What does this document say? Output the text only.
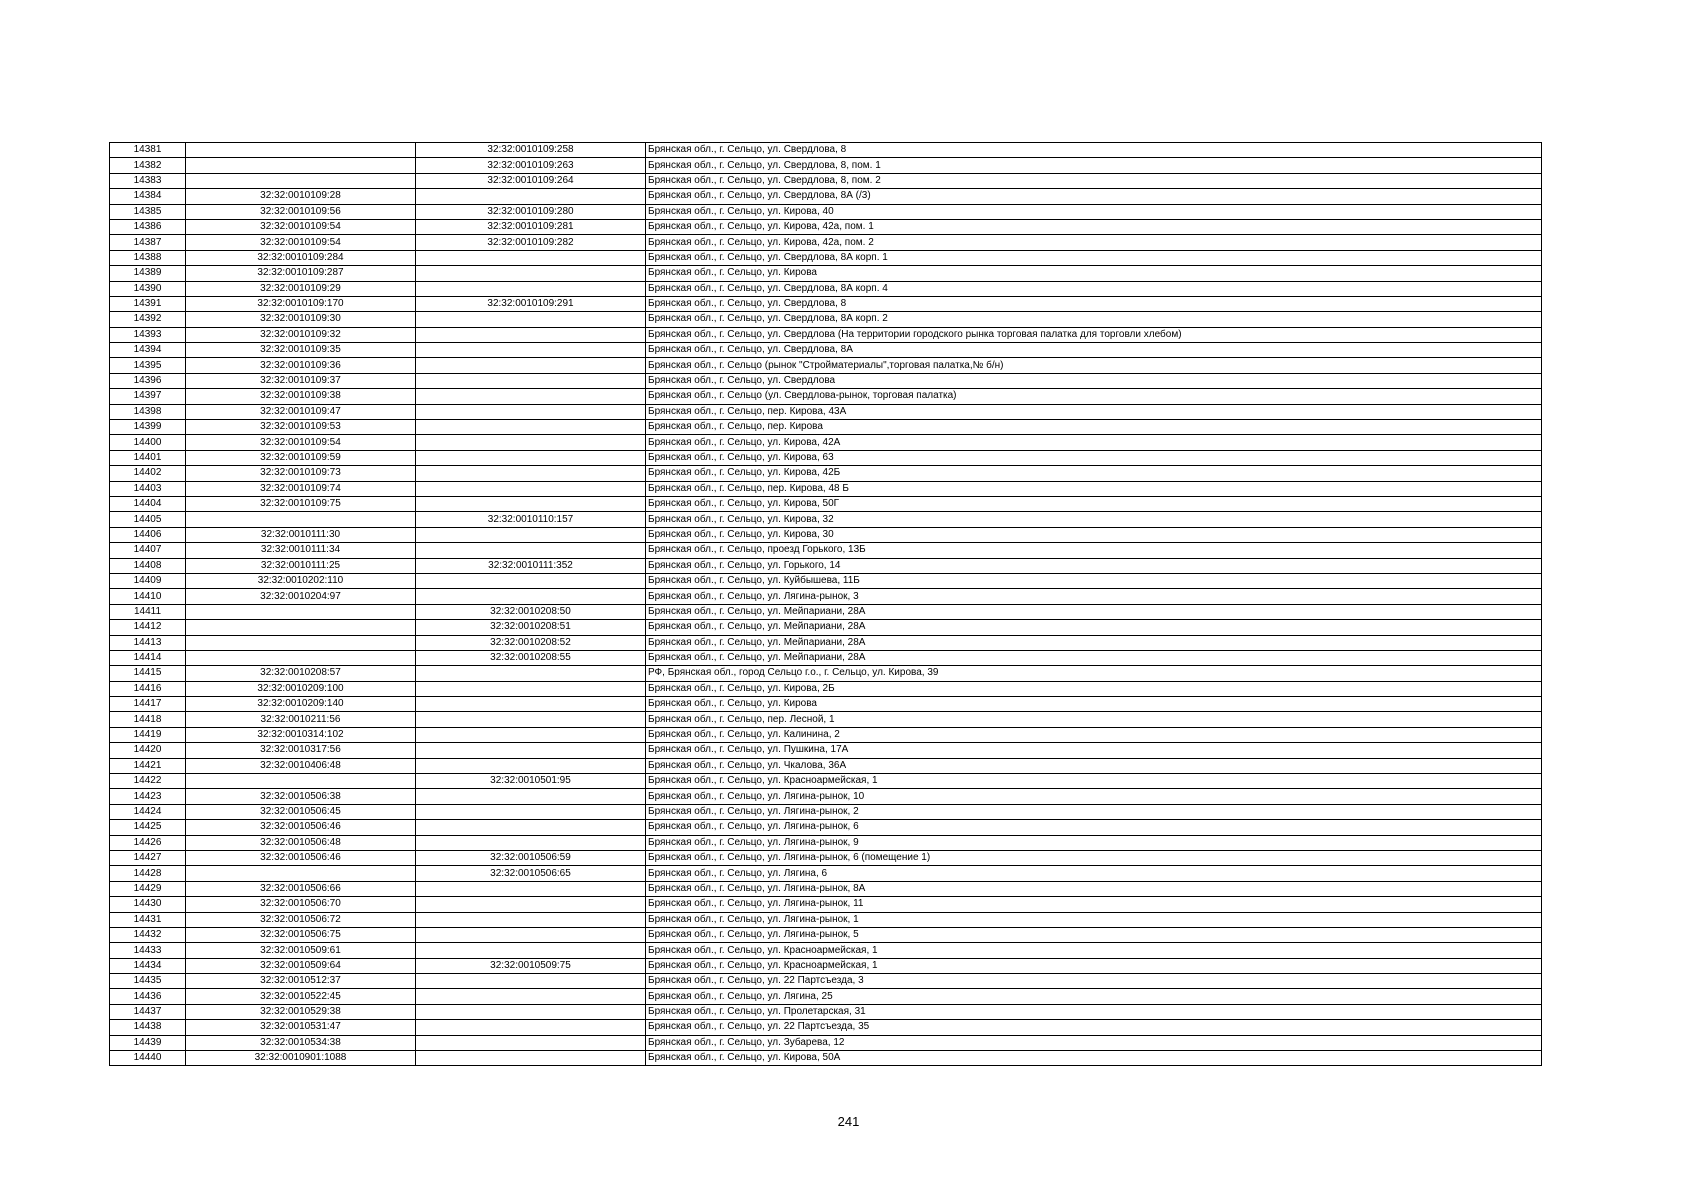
14381		32:32:0010109:258	Брянская обл., г. Сельцо, ул. Свердлова, 8
14382		32:32:0010109:263	Брянская обл., г. Сельцо, ул. Свердлова, 8, пом. 1
14383		32:32:0010109:264	Брянская обл., г. Сельцо, ул. Свердлова, 8, пом. 2
14384	32:32:0010109:28		Брянская обл., г. Сельцо, ул. Свердлова, 8А (/3)
14385	32:32:0010109:56	32:32:0010109:280	Брянская обл., г. Сельцо, ул. Кирова, 40
14386	32:32:0010109:54	32:32:0010109:281	Брянская обл., г. Сельцо, ул. Кирова, 42а, пом. 1
14387	32:32:0010109:54	32:32:0010109:282	Брянская обл., г. Сельцо, ул. Кирова, 42а, пом. 2
14388	32:32:0010109:284		Брянская обл., г. Сельцо, ул. Свердлова, 8А корп. 1
14389	32:32:0010109:287		Брянская обл., г. Сельцо, ул. Кирова
14390	32:32:0010109:29		Брянская обл., г. Сельцо, ул. Свердлова, 8А корп. 4
14391	32:32:0010109:170	32:32:0010109:291	Брянская обл., г. Сельцо, ул. Свердлова, 8
14392	32:32:0010109:30		Брянская обл., г. Сельцо, ул. Свердлова, 8А корп. 2
14393	32:32:0010109:32		Брянская обл., г. Сельцо, ул. Свердлова (На территории городского рынка торговая палатка для торговли хлебом)
14394	32:32:0010109:35		Брянская обл., г. Сельцо, ул. Свердлова, 8А
14395	32:32:0010109:36		Брянская обл., г. Сельцо (рынок "Стройматериалы",торговая палатка,№ б/н)
14396	32:32:0010109:37		Брянская обл., г. Сельцо, ул. Свердлова
14397	32:32:0010109:38		Брянская обл., г. Сельцо (ул. Свердлова-рынок, торговая палатка)
14398	32:32:0010109:47		Брянская обл., г. Сельцо, пер. Кирова, 43А
14399	32:32:0010109:53		Брянская обл., г. Сельцо, пер. Кирова
14400	32:32:0010109:54		Брянская обл., г. Сельцо, ул. Кирова, 42А
14401	32:32:0010109:59		Брянская обл., г. Сельцо, ул. Кирова, 63
14402	32:32:0010109:73		Брянская обл., г. Сельцо, ул. Кирова, 42Б
14403	32:32:0010109:74		Брянская обл., г. Сельцо, пер. Кирова, 48 Б
14404	32:32:0010109:75		Брянская обл., г. Сельцо, ул. Кирова, 50Г
14405		32:32:0010110:157	Брянская обл., г. Сельцо, ул. Кирова, 32
14406	32:32:0010111:30		Брянская обл., г. Сельцо, ул. Кирова, 30
14407	32:32:0010111:34		Брянская обл., г. Сельцо, проезд Горького, 13Б
14408	32:32:0010111:25	32:32:0010111:352	Брянская обл., г. Сельцо, ул. Горького, 14
14409	32:32:0010202:110		Брянская обл., г. Сельцо, ул. Куйбышева, 11Б
14410	32:32:0010204:97		Брянская обл., г. Сельцо, ул. Лягина-рынок, 3
14411		32:32:0010208:50	Брянская обл., г. Сельцо, ул. Мейпариани, 28А
14412		32:32:0010208:51	Брянская обл., г. Сельцо, ул. Мейпариани, 28А
14413		32:32:0010208:52	Брянская обл., г. Сельцо, ул. Мейпариани, 28А
14414		32:32:0010208:55	Брянская обл., г. Сельцо, ул. Мейпариани, 28А
14415	32:32:0010208:57		РФ, Брянская обл., город Сельцо г.о., г. Сельцо, ул. Кирова, 39
14416	32:32:0010209:100		Брянская обл., г. Сельцо, ул. Кирова, 2Б
14417	32:32:0010209:140		Брянская обл., г. Сельцо, ул. Кирова
14418	32:32:0010211:56		Брянская обл., г. Сельцо, пер. Лесной, 1
14419	32:32:0010314:102		Брянская обл., г. Сельцо, ул. Калинина, 2
14420	32:32:0010317:56		Брянская обл., г. Сельцо, ул. Пушкина, 17А
14421	32:32:0010406:48		Брянская обл., г. Сельцо, ул. Чкалова, 36А
14422		32:32:0010501:95	Брянская обл., г. Сельцо, ул. Красноармейская, 1
14423	32:32:0010506:38		Брянская обл., г. Сельцо, ул. Лягина-рынок, 10
14424	32:32:0010506:45		Брянская обл., г. Сельцо, ул. Лягина-рынок, 2
14425	32:32:0010506:46		Брянская обл., г. Сельцо, ул. Лягина-рынок, 6
14426	32:32:0010506:48		Брянская обл., г. Сельцо, ул. Лягина-рынок, 9
14427	32:32:0010506:46	32:32:0010506:59	Брянская обл., г. Сельцо, ул. Лягина-рынок, 6 (помещение 1)
14428		32:32:0010506:65	Брянская обл., г. Сельцо, ул. Лягина, 6
14429	32:32:0010506:66		Брянская обл., г. Сельцо, ул. Лягина-рынок, 8А
14430	32:32:0010506:70		Брянская обл., г. Сельцо, ул. Лягина-рынок, 11
14431	32:32:0010506:72		Брянская обл., г. Сельцо, ул. Лягина-рынок, 1
14432	32:32:0010506:75		Брянская обл., г. Сельцо, ул. Лягина-рынок, 5
14433	32:32:0010509:61		Брянская обл., г. Сельцо, ул. Красноармейская, 1
14434	32:32:0010509:64	32:32:0010509:75	Брянская обл., г. Сельцо, ул. Красноармейская, 1
14435	32:32:0010512:37		Брянская обл., г. Сельцо, ул. 22 Партсъезда, 3
14436	32:32:0010522:45		Брянская обл., г. Сельцо, ул. Лягина, 25
14437	32:32:0010529:38		Брянская обл., г. Сельцо, ул. Пролетарская, 31
14438	32:32:0010531:47		Брянская обл., г. Сельцо, ул. 22 Партсъезда, 35
14439	32:32:0010534:38		Брянская обл., г. Сельцо, ул. Зубарева, 12
14440	32:32:0010901:1088		Брянская обл., г. Сельцо, ул. Кирова, 50А
241
